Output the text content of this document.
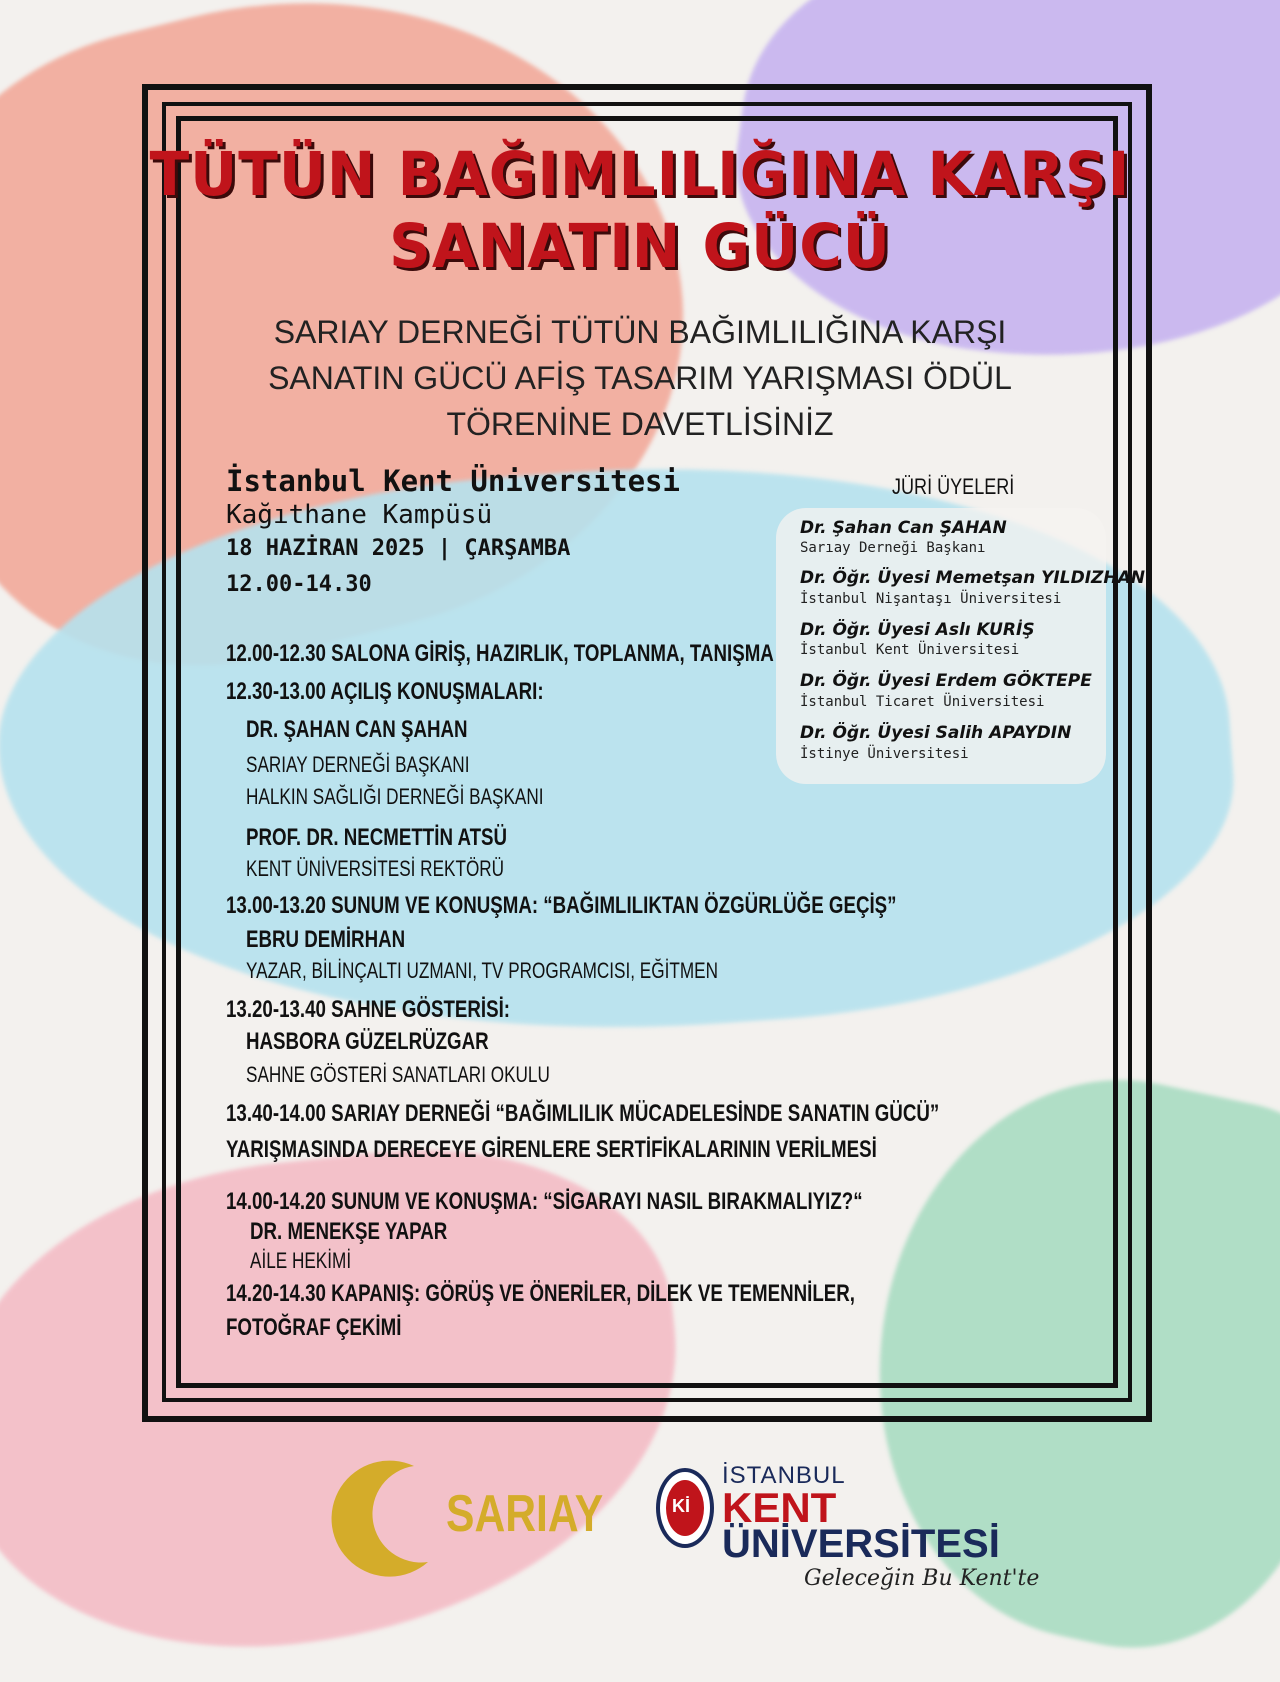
TÜTÜN BAĞIMLILIĞINA KARŞI
SANATIN GÜCÜ
SARIAY DERNEĞİ TÜTÜN BAĞIMLILIĞINA KARŞI
SANATIN GÜCÜ AFİŞ TASARIM YARIŞMASI ÖDÜL
TÖRENİNE DAVETLİSİNİZ
İstanbul Kent Üniversitesi
Kağıthane Kampüsü
18 HAZİRAN 2025 | ÇARŞAMBA
12.00-14.30
JÜRİ ÜYELERİ
Dr. Şahan Can ŞAHAN
Sarıay Derneği Başkanı
Dr. Öğr. Üyesi Memetşan YILDIZHAN
İstanbul Nişantaşı Üniversitesi
Dr. Öğr. Üyesi Aslı KURİŞ
İstanbul Kent Üniversitesi
Dr. Öğr. Üyesi Erdem GÖKTEPE
İstanbul Ticaret Üniversitesi
Dr. Öğr. Üyesi Salih APAYDIN
İstinye Üniversitesi
12.00-12.30 SALONA GİRİŞ, HAZIRLIK, TOPLANMA, TANIŞMA
12.30-13.00 AÇILIŞ KONUŞMALARI:
DR. ŞAHAN CAN ŞAHAN
SARIAY DERNEĞİ BAŞKANI
HALKIN SAĞLIĞI DERNEĞİ BAŞKANI
PROF. DR. NECMETTİN ATSÜ
KENT ÜNİVERSİTESİ REKTÖRÜ
13.00-13.20 SUNUM VE KONUŞMA: “BAĞIMLILIKTAN ÖZGÜRLÜĞE GEÇİŞ”
EBRU DEMİRHAN
YAZAR, BİLİNÇALTI UZMANI, TV PROGRAMCISI, EĞİTMEN
13.20-13.40 SAHNE GÖSTERİSİ:
HASBORA GÜZELRÜZGAR
SAHNE GÖSTERİ SANATLARI OKULU
13.40-14.00 SARIAY DERNEĞİ “BAĞIMLILIK MÜCADELESİNDE SANATIN GÜCÜ”
YARIŞMASINDA DERECEYE GİRENLERE SERTİFİKALARININ VERİLMESİ
14.00-14.20 SUNUM VE KONUŞMA: “SİGARAYI NASIL BIRAKMALIYIZ?“
DR. MENEKŞE YAPAR
AİLE HEKİMİ
14.20-14.30 KAPANIŞ: GÖRÜŞ VE ÖNERİLER, DİLEK VE TEMENNİLER,
FOTOĞRAF ÇEKİMİ
SARIAY	Kİ
İSTANBUL
KENT
ÜNİVERSİTESİ
Geleceğin Bu Kent'te
